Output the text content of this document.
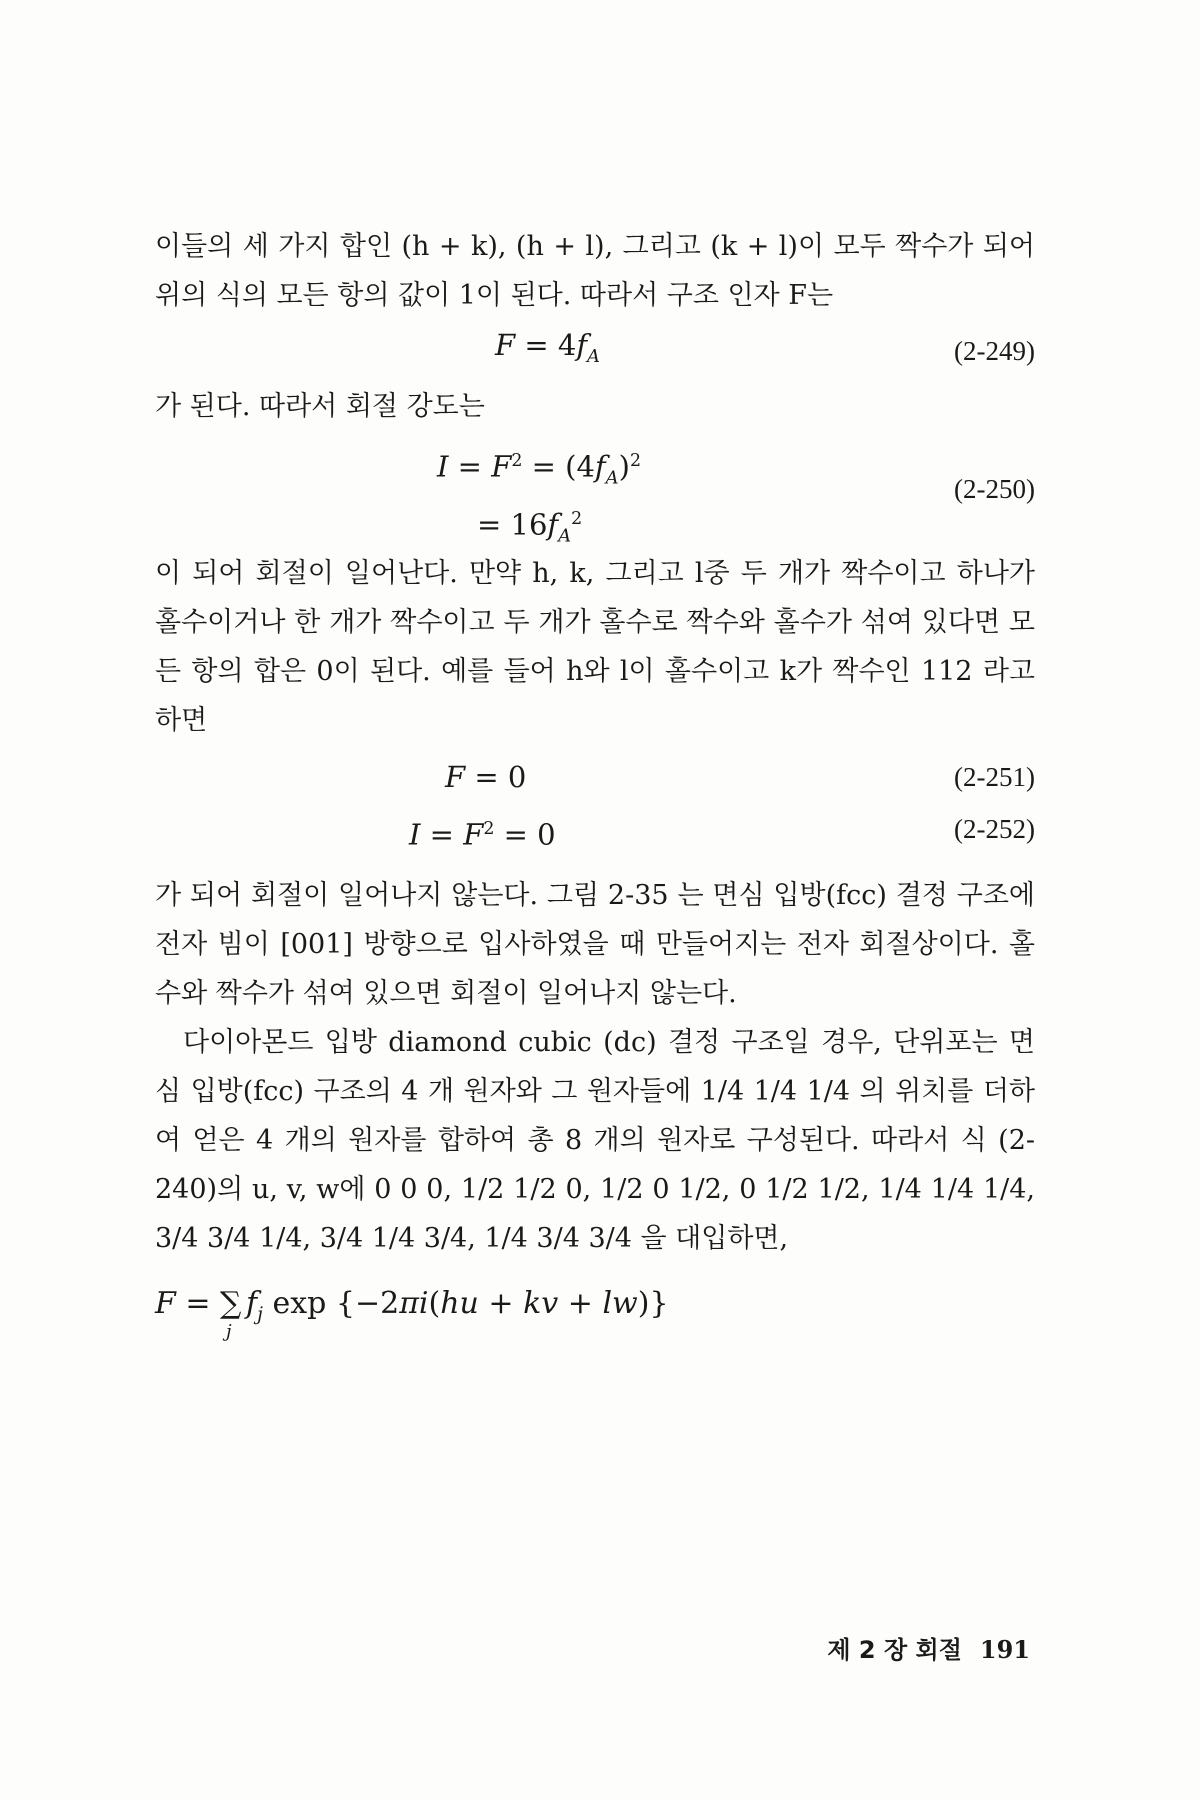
이들의 세 가지 합인 (h + k), (h + l), 그리고 (k + l)이 모두 짝수가 되어 위의 식의 모든 항의 값이 1이 된다. 따라서 구조 인자 F는

$F = 4f_A$	(2-249)

가 된다. 따라서 회절 강도는

$I = F^2 = (4f_A)^2$
= $16f_A^2$
(2-250)

이 되어 회절이 일어난다. 만약 h, k, 그리고 l중 두 개가 짝수이고 하나가 홀수이거나 한 개가 짝수이고 두 개가 홀수로 짝수와 홀수가 섞여 있다면 모든 항의 합은 0이 된다. 예를 들어 h와 l이 홀수이고 k가 짝수인 112 라고 하면

F = 0	(2-251)
$I = F^2 = 0$	(2-252)

가 되어 회절이 일어나지 않는다. 그림 2-35 는 면심 입방(fcc) 결정 구조에 전자 빔이 [001] 방향으로 입사하였을 때 만들어지는 전자 회절상이다. 홀수와 짝수가 섞여 있으면 회절이 일어나지 않는다.

다이아몬드 입방 diamond cubic (dc) 결정 구조일 경우, 단위포는 면심 입방(fcc) 구조의 4 개 원자와 그 원자들에 1/4 1/4 1/4 의 위치를 더하여 얻은 4 개의 원자를 합하여 총 8 개의 원자로 구성된다. 따라서 식 (2-240)의 u, v, w에 0 0 0, 1/2 1/2 0, 1/2 0 1/2, 0 1/2 1/2, 1/4 1/4 1/4, 3/4 3/4 1/4, 3/4 1/4 3/4, 1/4 3/4 3/4 을 대입하면,

F = ∑
j
$f_j$ exp {−2πi(hu + kv + lw)}
제 2 장 회절 191
